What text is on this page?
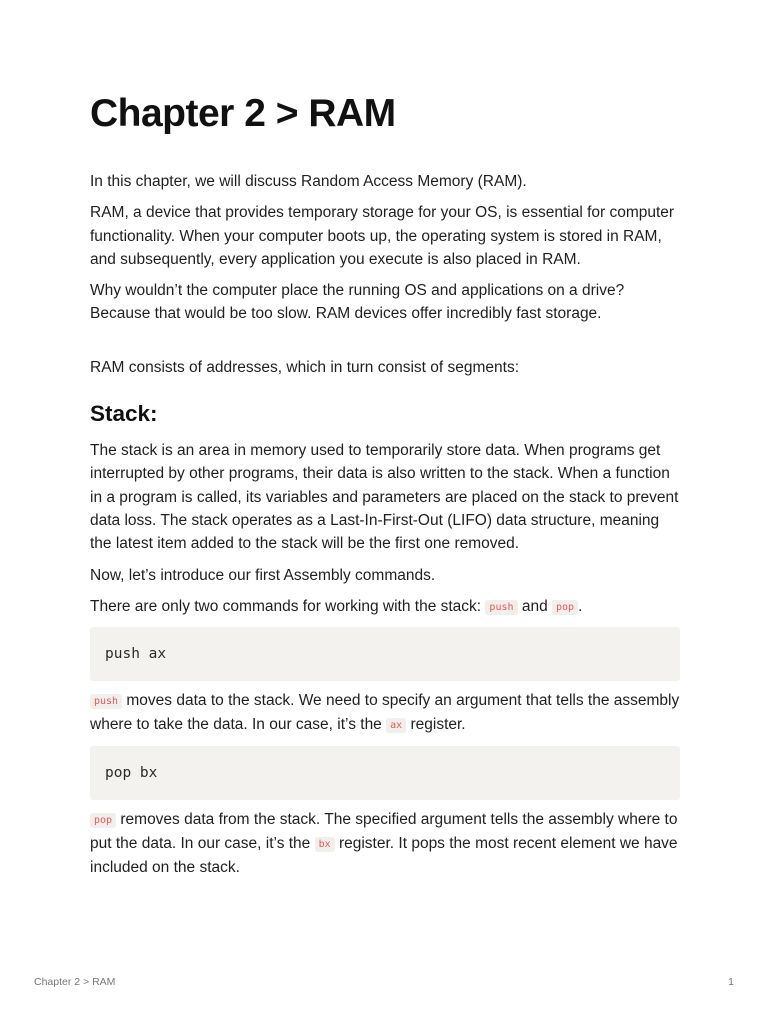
Chapter 2 > RAM

In this chapter, we will discuss Random Access Memory (RAM).

RAM, a device that provides temporary storage for your OS, is essential for computer functionality. When your computer boots up, the operating system is stored in RAM, and subsequently, every application you execute is also placed in RAM.

Why wouldn’t the computer place the running OS and applications on a drive? Because that would be too slow. RAM devices offer incredibly fast storage.

RAM consists of addresses, which in turn consist of segments:

Stack:

The stack is an area in memory used to temporarily store data. When programs get interrupted by other programs, their data is also written to the stack. When a function in a program is called, its variables and parameters are placed on the stack to prevent data loss. The stack operates as a Last-In-First-Out (LIFO) data structure, meaning the latest item added to the stack will be the first one removed.

Now, let’s introduce our first Assembly commands.

There are only two commands for working with the stack: push and pop .

push ax

push moves data to the stack. We need to specify an argument that tells the assembly where to take the data. In our case, it’s the ax register.

pop bx

pop removes data from the stack. The specified argument tells the assembly where to put the data. In our case, it’s the bx register. It pops the most recent element we have included on the stack.

Chapter 2 > RAM	1
